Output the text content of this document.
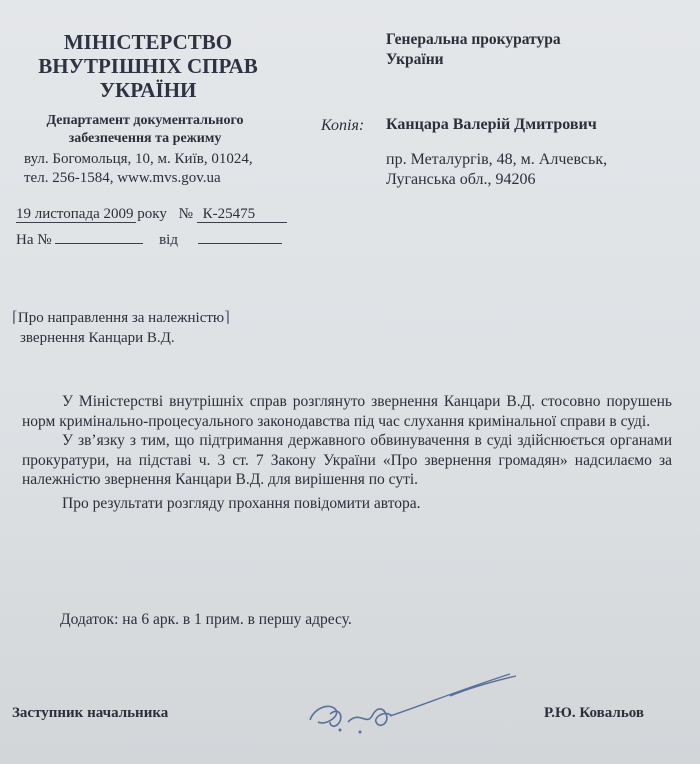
МІНІСТЕРСТВО
ВНУТРІШНІХ СПРАВ
УКРАЇНИ
Департамент документального
забезпечення та режиму
вул. Богомольця, 10, м. Київ, 01024,
тел. 256-1584, www.mvs.gov.ua
Генеральна прокуратура
України
Копія: Канцара Валерій Дмитрович
пр. Металургів, 48, м. Алчевськ,
Луганська обл., 94206
19 листопада 2009 року № К-25475
На №	від
⌈Про направлення за належністю⌉
звернення Канцари В.Д.

У Міністерстві внутрішніх справ розглянуто звернення Канцари В.Д. стосовно порушень норм кримінально-процесуального законодавства під час слухання кримінальної справи в суді.

У зв’язку з тим, що підтримання державного обвинувачення в суді здійснюється органами прокуратури, на підставі ч. 3 ст. 7 Закону України «Про звернення громадян» надсилаємо за належністю звернення Канцари В.Д. для вирішення по суті.

Про результати розгляду прохання повідомити автора.

Додаток: на 6 арк. в 1 прим. в першу адресу.
Заступник начальника	Р.Ю. Ковальов
